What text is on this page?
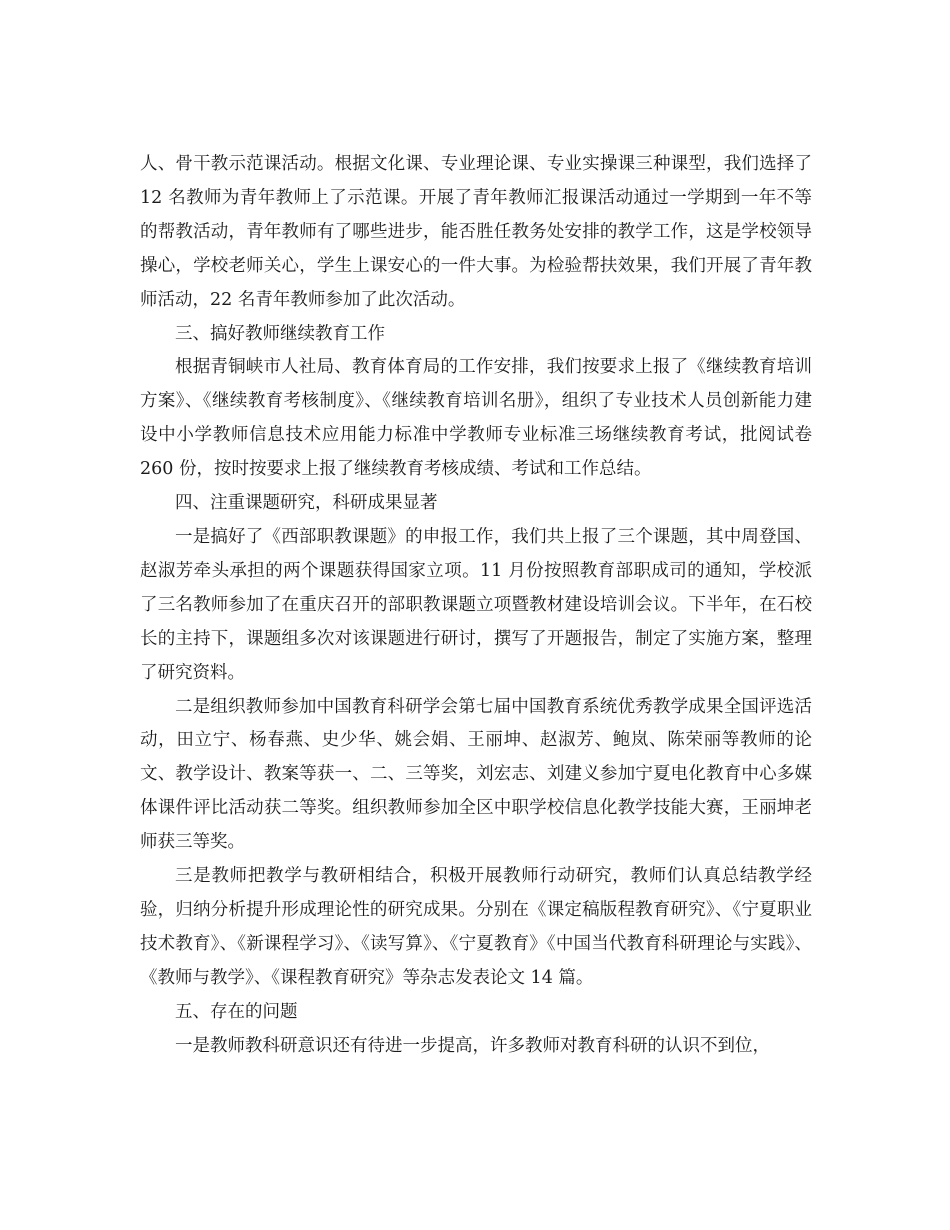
人、骨干教示范课活动。根据文化课、专业理论课、专业实操课三种课型，我们选择了 12 名教师为青年教师上了示范课。开展了青年教师汇报课活动通过一学期到一年不等的帮教活动，青年教师有了哪些进步，能否胜任教务处安排的教学工作，这是学校领导操心，学校老师关心，学生上课安心的一件大事。为检验帮扶效果，我们开展了青年教师活动，22 名青年教师参加了此次活动。

三、搞好教师继续教育工作

根据青铜峡市人社局、教育体育局的工作安排，我们按要求上报了《继续教育培训方案》、《继续教育考核制度》、《继续教育培训名册》，组织了专业技术人员创新能力建设中小学教师信息技术应用能力标准中学教师专业标准三场继续教育考试，批阅试卷 260 份，按时按要求上报了继续教育考核成绩、考试和工作总结。

四、注重课题研究，科研成果显著

一是搞好了《西部职教课题》的申报工作，我们共上报了三个课题，其中周登国、赵淑芳牵头承担的两个课题获得国家立项。11 月份按照教育部职成司的通知，学校派了三名教师参加了在重庆召开的部职教课题立项暨教材建设培训会议。下半年，在石校长的主持下，课题组多次对该课题进行研讨，撰写了开题报告，制定了实施方案，整理了研究资料。

二是组织教师参加中国教育科研学会第七届中国教育系统优秀教学成果全国评选活动，田立宁、杨春燕、史少华、姚会娟、王丽坤、赵淑芳、鲍岚、陈荣丽等教师的论文、教学设计、教案等获一、二、三等奖，刘宏志、刘建义参加宁夏电化教育中心多媒体课件评比活动获二等奖。组织教师参加全区中职学校信息化教学技能大赛，王丽坤老师获三等奖。

三是教师把教学与教研相结合，积极开展教师行动研究，教师们认真总结教学经验，归纳分析提升形成理论性的研究成果。分别在《课定稿版程教育研究》、《宁夏职业技术教育》、《新课程学习》、《读写算》、《宁夏教育》《中国当代教育科研理论与实践》、《教师与教学》、《课程教育研究》等杂志发表论文 14 篇。

五、存在的问题

一是教师教科研意识还有待进一步提高，许多教师对教育科研的认识不到位，
